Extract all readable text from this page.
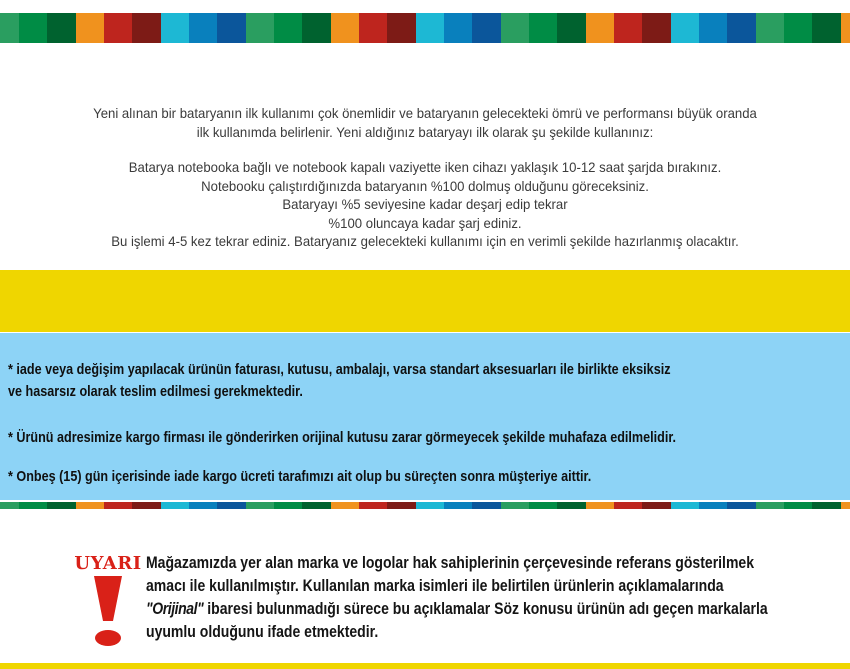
Yeni alınan bir bataryanın ilk kullanımı çok önemlidir ve bataryanın gelecekteki ömrü ve performansı büyük oranda
ilk kullanımda belirlenir. Yeni aldığınız bataryayı ilk olarak şu şekilde kullanınız:
Batarya notebooka bağlı ve notebook kapalı vaziyette iken cihazı yaklaşık 10-12 saat şarjda bırakınız.
Notebooku çalıştırdığınızda bataryanın %100 dolmuş olduğunu göreceksiniz.
Bataryayı %5 seviyesine kadar deşarj edip tekrar
%100 oluncaya kadar şarj ediniz.
Bu işlemi 4-5 kez tekrar ediniz. Bataryanız gelecekteki kullanımı için en verimli şekilde hazırlanmış olacaktır.
* iade veya değişim yapılacak ürünün faturası, kutusu, ambalajı, varsa standart aksesuarları ile birlikte eksiksiz
ve hasarsız olarak teslim edilmesi gerekmektedir.
* Ürünü adresimize kargo firması ile gönderirken orijinal kutusu zarar görmeyecek şekilde muhafaza edilmelidir.
* Onbeş (15) gün içerisinde iade kargo ücreti tarafımızı ait olup bu süreçten sonra müşteriye aittir.
UYARI Mağazamızda yer alan marka ve logolar hak sahiplerinin çerçevesinde referans gösterilmek
amacı ile kullanılmıştır. Kullanılan marka isimleri ile belirtilen ürünlerin açıklamalarında
"Orijinal" ibaresi bulunmadığı sürece bu açıklamalar Söz konusu ürünün adı geçen markalarla
uyumlu olduğunu ifade etmektedir.
